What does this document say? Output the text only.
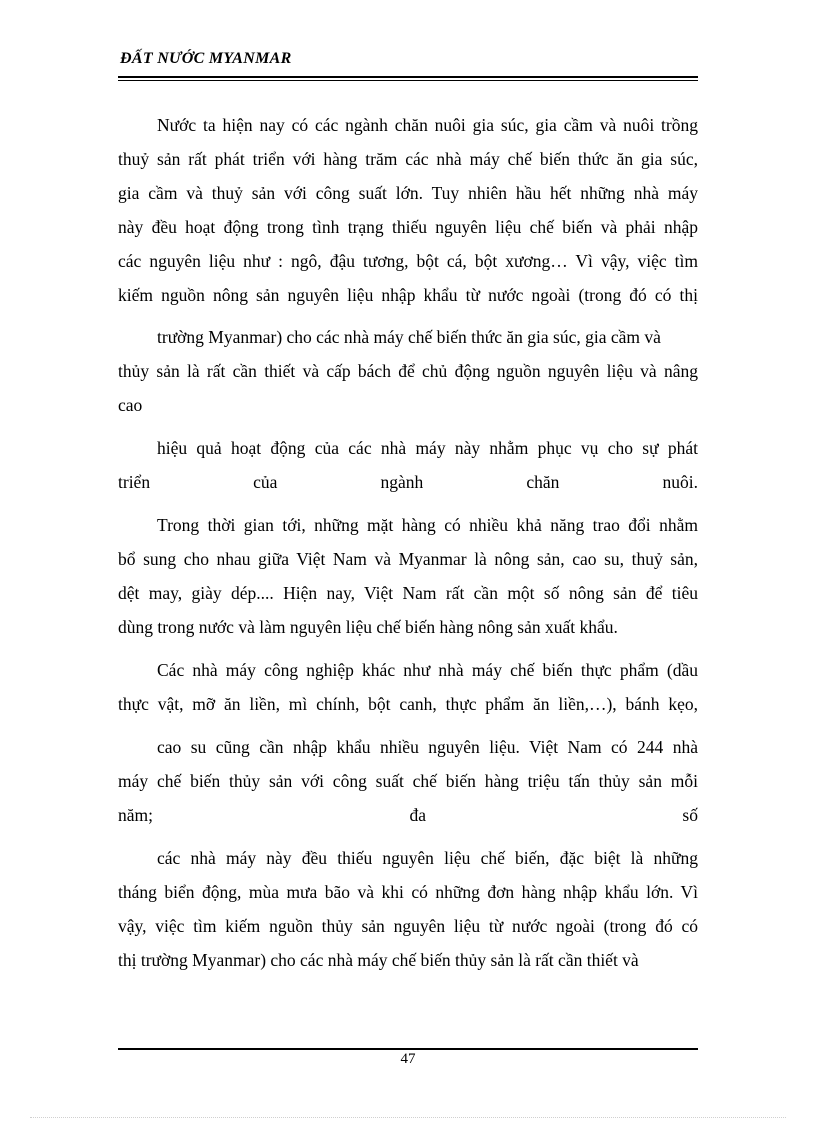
ĐẤT NƯỚC MYANMAR
Nước ta hiện nay có các ngành chăn nuôi gia súc, gia cầm và nuôi trồng
thuỷ sản rất phát triển với hàng trăm các nhà máy chế biến thức ăn gia súc,
gia cầm và thuỷ sản với công suất lớn. Tuy nhiên hầu hết những nhà máy
này đều hoạt động trong tình trạng thiếu nguyên liệu chế biến và phải nhập
các nguyên liệu như : ngô, đậu tương, bột cá, bột xương… Vì vậy, việc tìm
kiếm nguồn nông sản nguyên liệu nhập khẩu từ nước ngoài (trong đó có thị
trường Myanmar) cho các nhà máy chế biến thức ăn gia súc, gia cầm và
thủy sản là rất cần thiết và cấp bách để chủ động nguồn nguyên liệu và nâng
cao
hiệu quả hoạt động của các nhà máy này nhằm phục vụ cho sự phát
triển của ngành chăn nuôi.
Trong thời gian tới, những mặt hàng có nhiều khả năng trao đổi nhằm
bổ sung cho nhau giữa Việt Nam và Myanmar là nông sản, cao su, thuỷ sản,
dệt may, giày dép.... Hiện nay, Việt Nam rất cần một số nông sản để tiêu
dùng trong nước và làm nguyên liệu chế biến hàng nông sản xuất khẩu.
Các nhà máy công nghiệp khác như nhà máy chế biến thực phẩm (dầu
thực vật, mỡ ăn liền, mì chính, bột canh, thực phẩm ăn liền,…), bánh kẹo,
cao su cũng cần nhập khẩu nhiều nguyên liệu. Việt Nam có 244 nhà
máy chế biến thủy sản với công suất chế biến hàng triệu tấn thủy sản mỗi
năm; đa số
các nhà máy này đều thiếu nguyên liệu chế biến, đặc biệt là những
tháng biển động, mùa mưa bão và khi có những đơn hàng nhập khẩu lớn. Vì
vậy, việc tìm kiếm nguồn thủy sản nguyên liệu từ nước ngoài (trong đó có
thị trường Myanmar) cho các nhà máy chế biến thủy sản là rất cần thiết và
47
